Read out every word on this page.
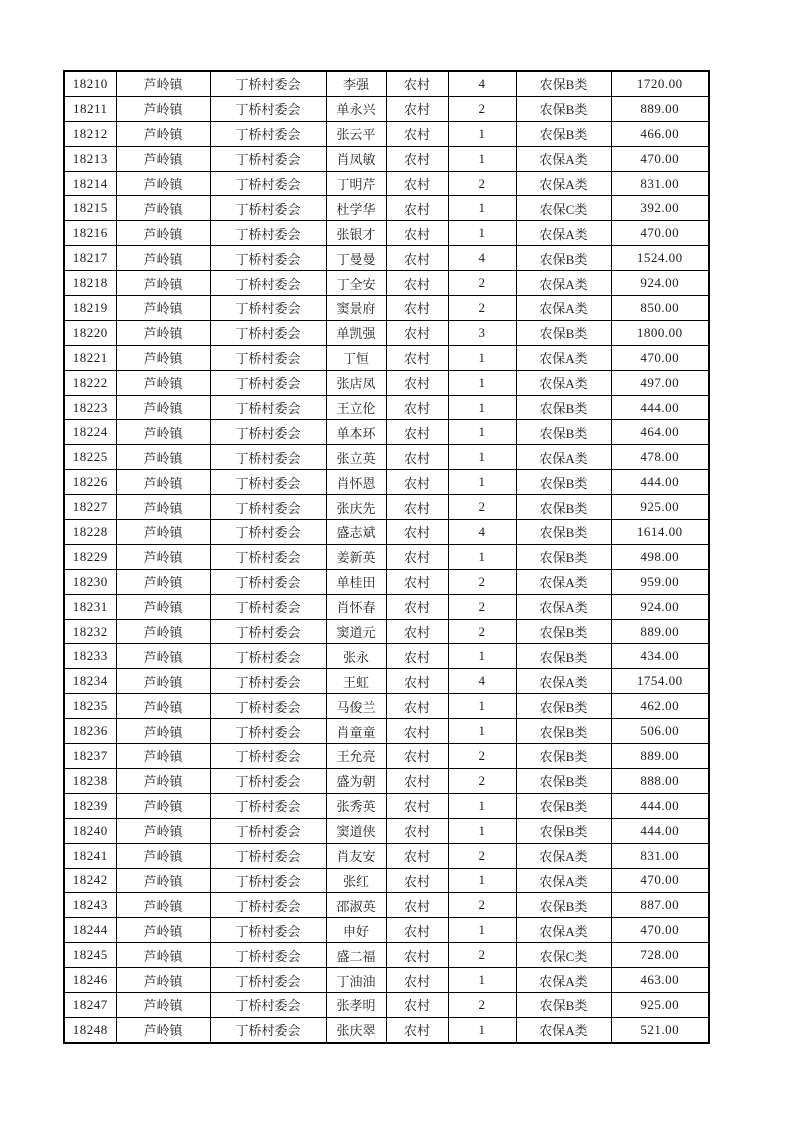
18210	芦岭镇	丁桥村委会	李强	农村	4	农保B类	1720.00
18211	芦岭镇	丁桥村委会	单永兴	农村	2	农保B类	889.00
18212	芦岭镇	丁桥村委会	张云平	农村	1	农保B类	466.00
18213	芦岭镇	丁桥村委会	肖凤敏	农村	1	农保A类	470.00
18214	芦岭镇	丁桥村委会	丁明芹	农村	2	农保A类	831.00
18215	芦岭镇	丁桥村委会	杜学华	农村	1	农保C类	392.00
18216	芦岭镇	丁桥村委会	张银才	农村	1	农保A类	470.00
18217	芦岭镇	丁桥村委会	丁曼曼	农村	4	农保B类	1524.00
18218	芦岭镇	丁桥村委会	丁全安	农村	2	农保A类	924.00
18219	芦岭镇	丁桥村委会	窦景府	农村	2	农保A类	850.00
18220	芦岭镇	丁桥村委会	单凯强	农村	3	农保B类	1800.00
18221	芦岭镇	丁桥村委会	丁恒	农村	1	农保A类	470.00
18222	芦岭镇	丁桥村委会	张店凤	农村	1	农保A类	497.00
18223	芦岭镇	丁桥村委会	王立伦	农村	1	农保B类	444.00
18224	芦岭镇	丁桥村委会	单本环	农村	1	农保B类	464.00
18225	芦岭镇	丁桥村委会	张立英	农村	1	农保A类	478.00
18226	芦岭镇	丁桥村委会	肖怀恩	农村	1	农保B类	444.00
18227	芦岭镇	丁桥村委会	张庆先	农村	2	农保B类	925.00
18228	芦岭镇	丁桥村委会	盛志斌	农村	4	农保B类	1614.00
18229	芦岭镇	丁桥村委会	姜新英	农村	1	农保B类	498.00
18230	芦岭镇	丁桥村委会	单桂田	农村	2	农保A类	959.00
18231	芦岭镇	丁桥村委会	肖怀春	农村	2	农保A类	924.00
18232	芦岭镇	丁桥村委会	窦道元	农村	2	农保B类	889.00
18233	芦岭镇	丁桥村委会	张永	农村	1	农保B类	434.00
18234	芦岭镇	丁桥村委会	王虹	农村	4	农保A类	1754.00
18235	芦岭镇	丁桥村委会	马俊兰	农村	1	农保B类	462.00
18236	芦岭镇	丁桥村委会	肖童童	农村	1	农保B类	506.00
18237	芦岭镇	丁桥村委会	王允亮	农村	2	农保B类	889.00
18238	芦岭镇	丁桥村委会	盛为朝	农村	2	农保B类	888.00
18239	芦岭镇	丁桥村委会	张秀英	农村	1	农保B类	444.00
18240	芦岭镇	丁桥村委会	窦道侠	农村	1	农保B类	444.00
18241	芦岭镇	丁桥村委会	肖友安	农村	2	农保A类	831.00
18242	芦岭镇	丁桥村委会	张红	农村	1	农保A类	470.00
18243	芦岭镇	丁桥村委会	邵淑英	农村	2	农保B类	887.00
18244	芦岭镇	丁桥村委会	申好	农村	1	农保A类	470.00
18245	芦岭镇	丁桥村委会	盛二福	农村	2	农保C类	728.00
18246	芦岭镇	丁桥村委会	丁油油	农村	1	农保A类	463.00
18247	芦岭镇	丁桥村委会	张孝明	农村	2	农保B类	925.00
18248	芦岭镇	丁桥村委会	张庆翠	农村	1	农保A类	521.00
